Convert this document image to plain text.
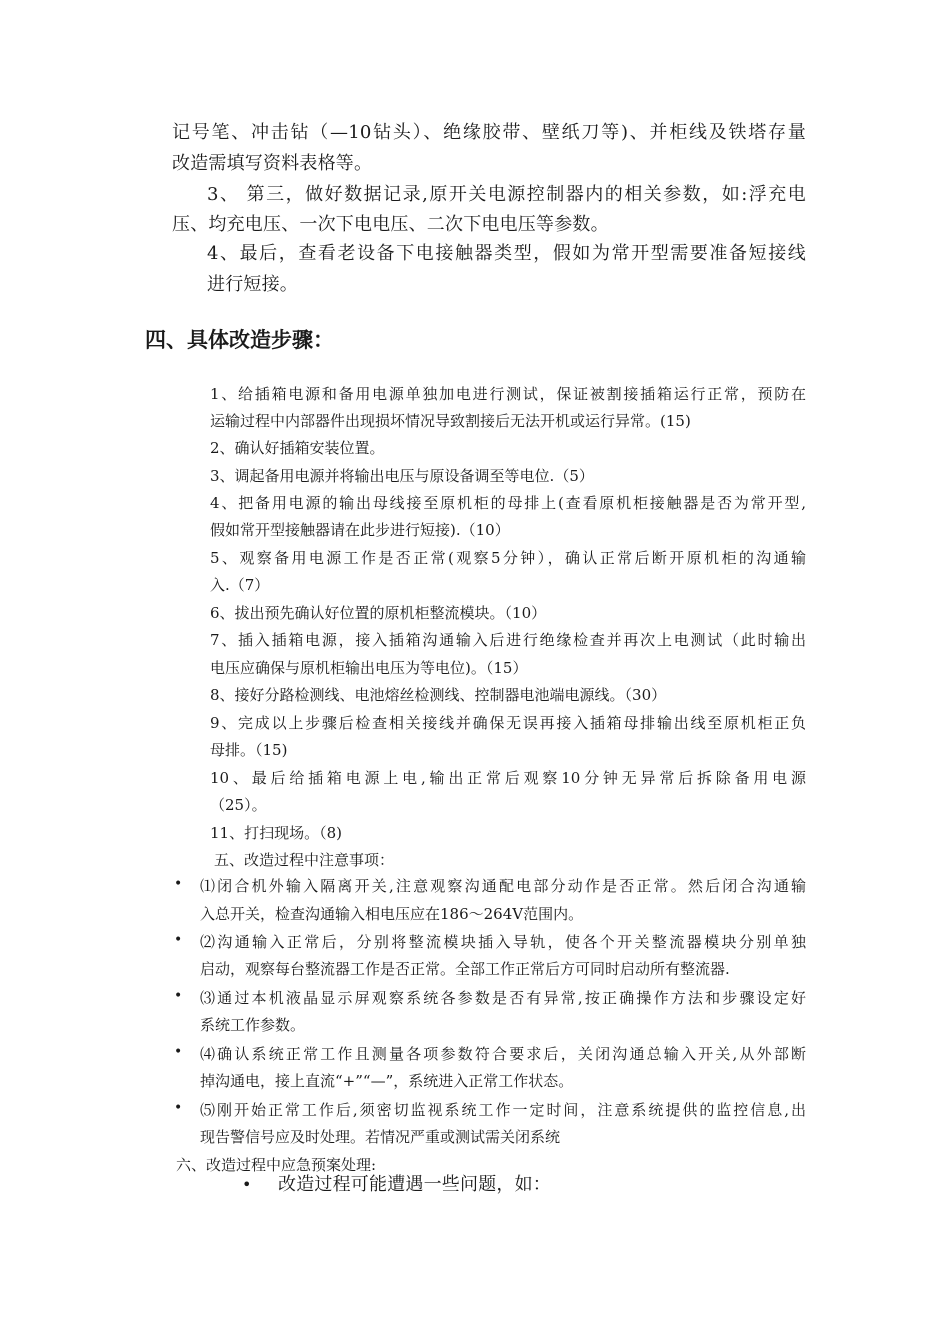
记号笔、冲击钻（—10钻头）、绝缘胶带、壁纸刀等)、并柜线及铁塔存量

改造需填写资料表格等。

3、 第三，做好数据记录,原开关电源控制器内的相关参数，如:浮充电

压、均充电压、一次下电电压、二次下电电压等参数。

4、最后，查看老设备下电接触器类型，假如为常开型需要准备短接线

进行短接。

四、具体改造步骤：

1、给插箱电源和备用电源单独加电进行测试，保证被割接插箱运行正常，预防在

运输过程中内部器件出现损坏情况导致割接后无法开机或运行异常。(15)

2、确认好插箱安装位置。

3、调起备用电源并将输出电压与原设备调至等电位.（5）

4、把备用电源的输出母线接至原机柜的母排上(查看原机柜接触器是否为常开型,

假如常开型接触器请在此步进行短接).（10）

5、观察备用电源工作是否正常(观察5分钟），确认正常后断开原机柜的沟通输

入.（7）

6、拔出预先确认好位置的原机柜整流模块。（10）

7、插入插箱电源，接入插箱沟通输入后进行绝缘检查并再次上电测试（此时输出

电压应确保与原机柜输出电压为等电位)。（15）

8、接好分路检测线、电池熔丝检测线、控制器电池端电源线。（30）

9、完成以上步骤后检查相关接线并确保无误再接入插箱母排输出线至原机柜正负

母排。（15)

10、最后给插箱电源上电,输出正常后观察10分钟无异常后拆除备用电源

（25）。

11、打扫现场。（8)

五、改造过程中注意事项：

• ⑴闭合机外输入隔离开关,注意观察沟通配电部分动作是否正常。然后闭合沟通输

入总开关，检查沟通输入相电压应在186～264V范围内。

• ⑵沟通输入正常后，分别将整流模块插入导轨，使各个开关整流器模块分别单独

启动，观察每台整流器工作是否正常。全部工作正常后方可同时启动所有整流器.

• ⑶通过本机液晶显示屏观察系统各参数是否有异常,按正确操作方法和步骤设定好

系统工作参数。

• ⑷确认系统正常工作且测量各项参数符合要求后，关闭沟通总输入开关,从外部断

掉沟通电，接上直流“+”“—”，系统进入正常工作状态。

• ⑸刚开始正常工作后,须密切监视系统工作一定时间，注意系统提供的监控信息,出

现告警信号应及时处理。若情况严重或测试需关闭系统

六、改造过程中应急预案处理:

• 改造过程可能遭遇一些问题，如：
